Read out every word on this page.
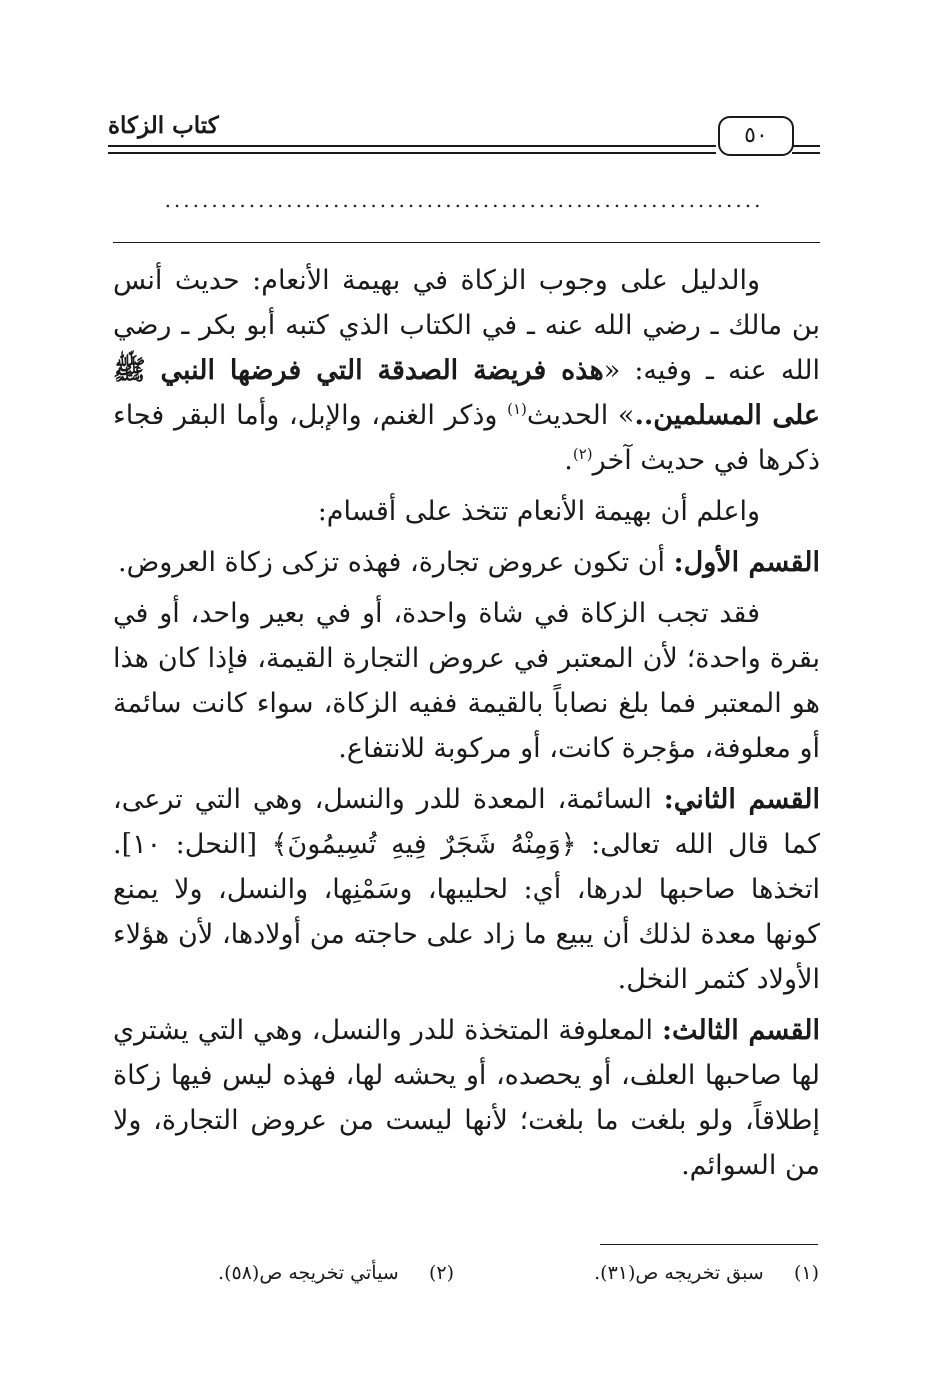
كتاب الزكاة	٥٠
................................................................

والدليل على وجوب الزكاة في بهيمة الأنعام: حديث أنس بن مالك ـ رضي الله عنه ـ في الكتاب الذي كتبه أبو بكر ـ رضي الله عنه ـ وفيه: «هذه فريضة الصدقة التي فرضها النبي ﷺ على المسلمين..» الحديث$^{(١)}$ وذكر الغنم، والإبل، وأما البقر فجاء ذكرها في حديث آخر$^{(٢)}$.

واعلم أن بهيمة الأنعام تتخذ على أقسام:

القسم الأول: أن تكون عروض تجارة، فهذه تزكى زكاة العروض.

فقد تجب الزكاة في شاة واحدة، أو في بعير واحد، أو في بقرة واحدة؛ لأن المعتبر في عروض التجارة القيمة، فإذا كان هذا هو المعتبر فما بلغ نصاباً بالقيمة ففيه الزكاة، سواء كانت سائمة أو معلوفة، مؤجرة كانت، أو مركوبة للانتفاع.

القسم الثاني: السائمة، المعدة للدر والنسل، وهي التي ترعى، كما قال الله تعالى: ﴿وَمِنْهُ شَجَرٌ فِيهِ تُسِيمُونَ﴾ [النحل: ١٠]. اتخذها صاحبها لدرها، أي: لحليبها، وسَمْنِها، والنسل، ولا يمنع كونها معدة لذلك أن يبيع ما زاد على حاجته من أولادها، لأن هؤلاء الأولاد كثمر النخل.

القسم الثالث: المعلوفة المتخذة للدر والنسل، وهي التي يشتري لها صاحبها العلف، أو يحصده، أو يحشه لها، فهذه ليس فيها زكاة إطلاقاً، ولو بلغت ما بلغت؛ لأنها ليست من عروض التجارة، ولا من السوائم.

(١)     سبق تخريجه ص(٣١).
(٢)     سيأتي تخريجه ص(٥٨).
